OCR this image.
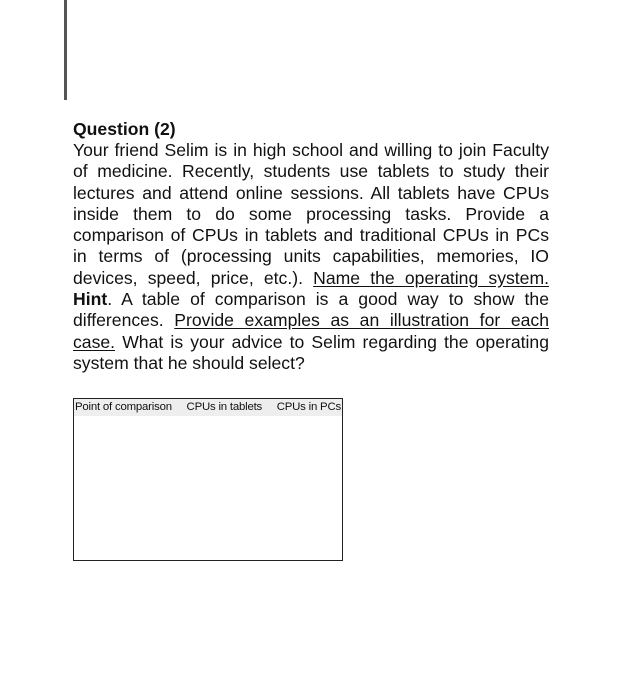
Question (2)

Your friend Selim is in high school and willing to join Faculty of medicine. Recently, students use tablets to study their lectures and attend online sessions. All tablets have CPUs inside them to do some processing tasks. Provide a comparison of CPUs in tablets and traditional CPUs in PCs in terms of (processing units capabilities, memories, IO devices, speed, price, etc.). Name the operating system. Hint. A table of comparison is a good way to show the differences. Provide examples as an illustration for each case. What is your advice to Selim regarding the operating system that he should select?

Point of comparison CPUs in tablets CPUs in PCs
